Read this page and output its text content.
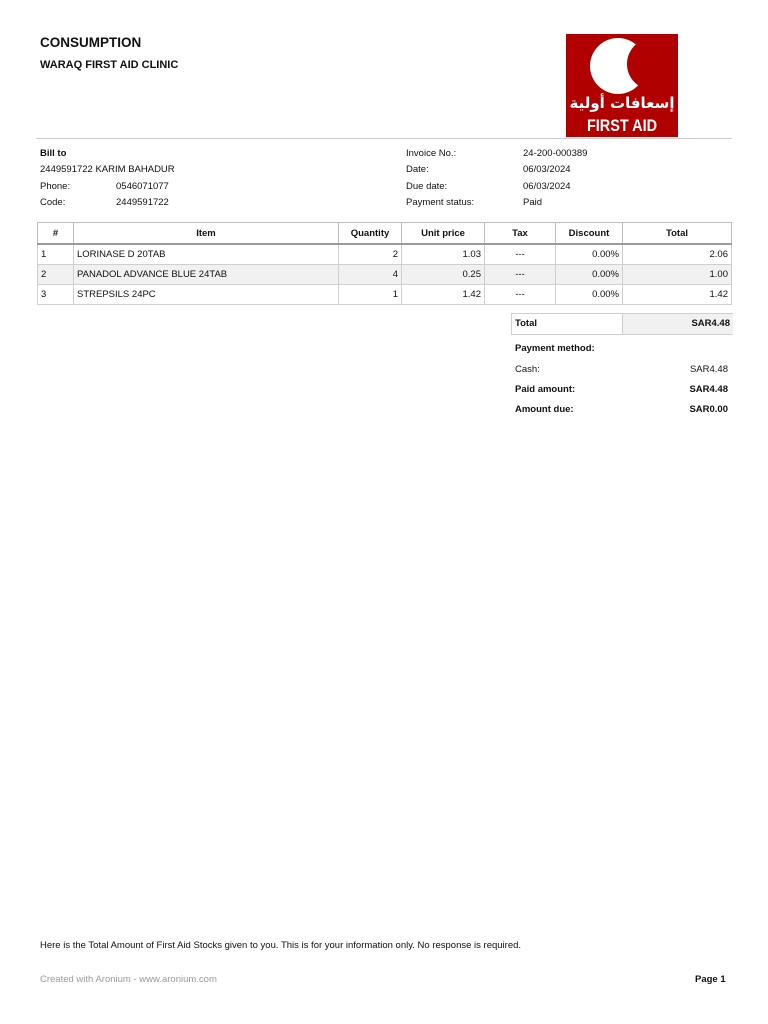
CONSUMPTION
WARAQ FIRST AID CLINIC
إسعافات أولية
FIRST AID
Bill to
2449591722 KARIM BAHADUR
Phone:	0546071077
Code:	2449591722
Invoice No.:	24-200-000389
Date:	06/03/2024
Due date:	06/03/2024
Payment status:	Paid
#	Item	Quantity	Unit price	Tax	Discount	Total
1	LORINASE D 20TAB	2	1.03	---	0.00%	2.06
2	PANADOL ADVANCE BLUE 24TAB	4	0.25	---	0.00%	1.00
3	STREPSILS 24PC	1	1.42	---	0.00%	1.42
Total	SAR4.48
Payment method:
Cash:	SAR4.48
Paid amount:	SAR4.48
Amount due:	SAR0.00
Here is the Total Amount of First Aid Stocks given to you. This is for your information only. No response is required.
Created with Aronium - www.aronium.com	Page 1
